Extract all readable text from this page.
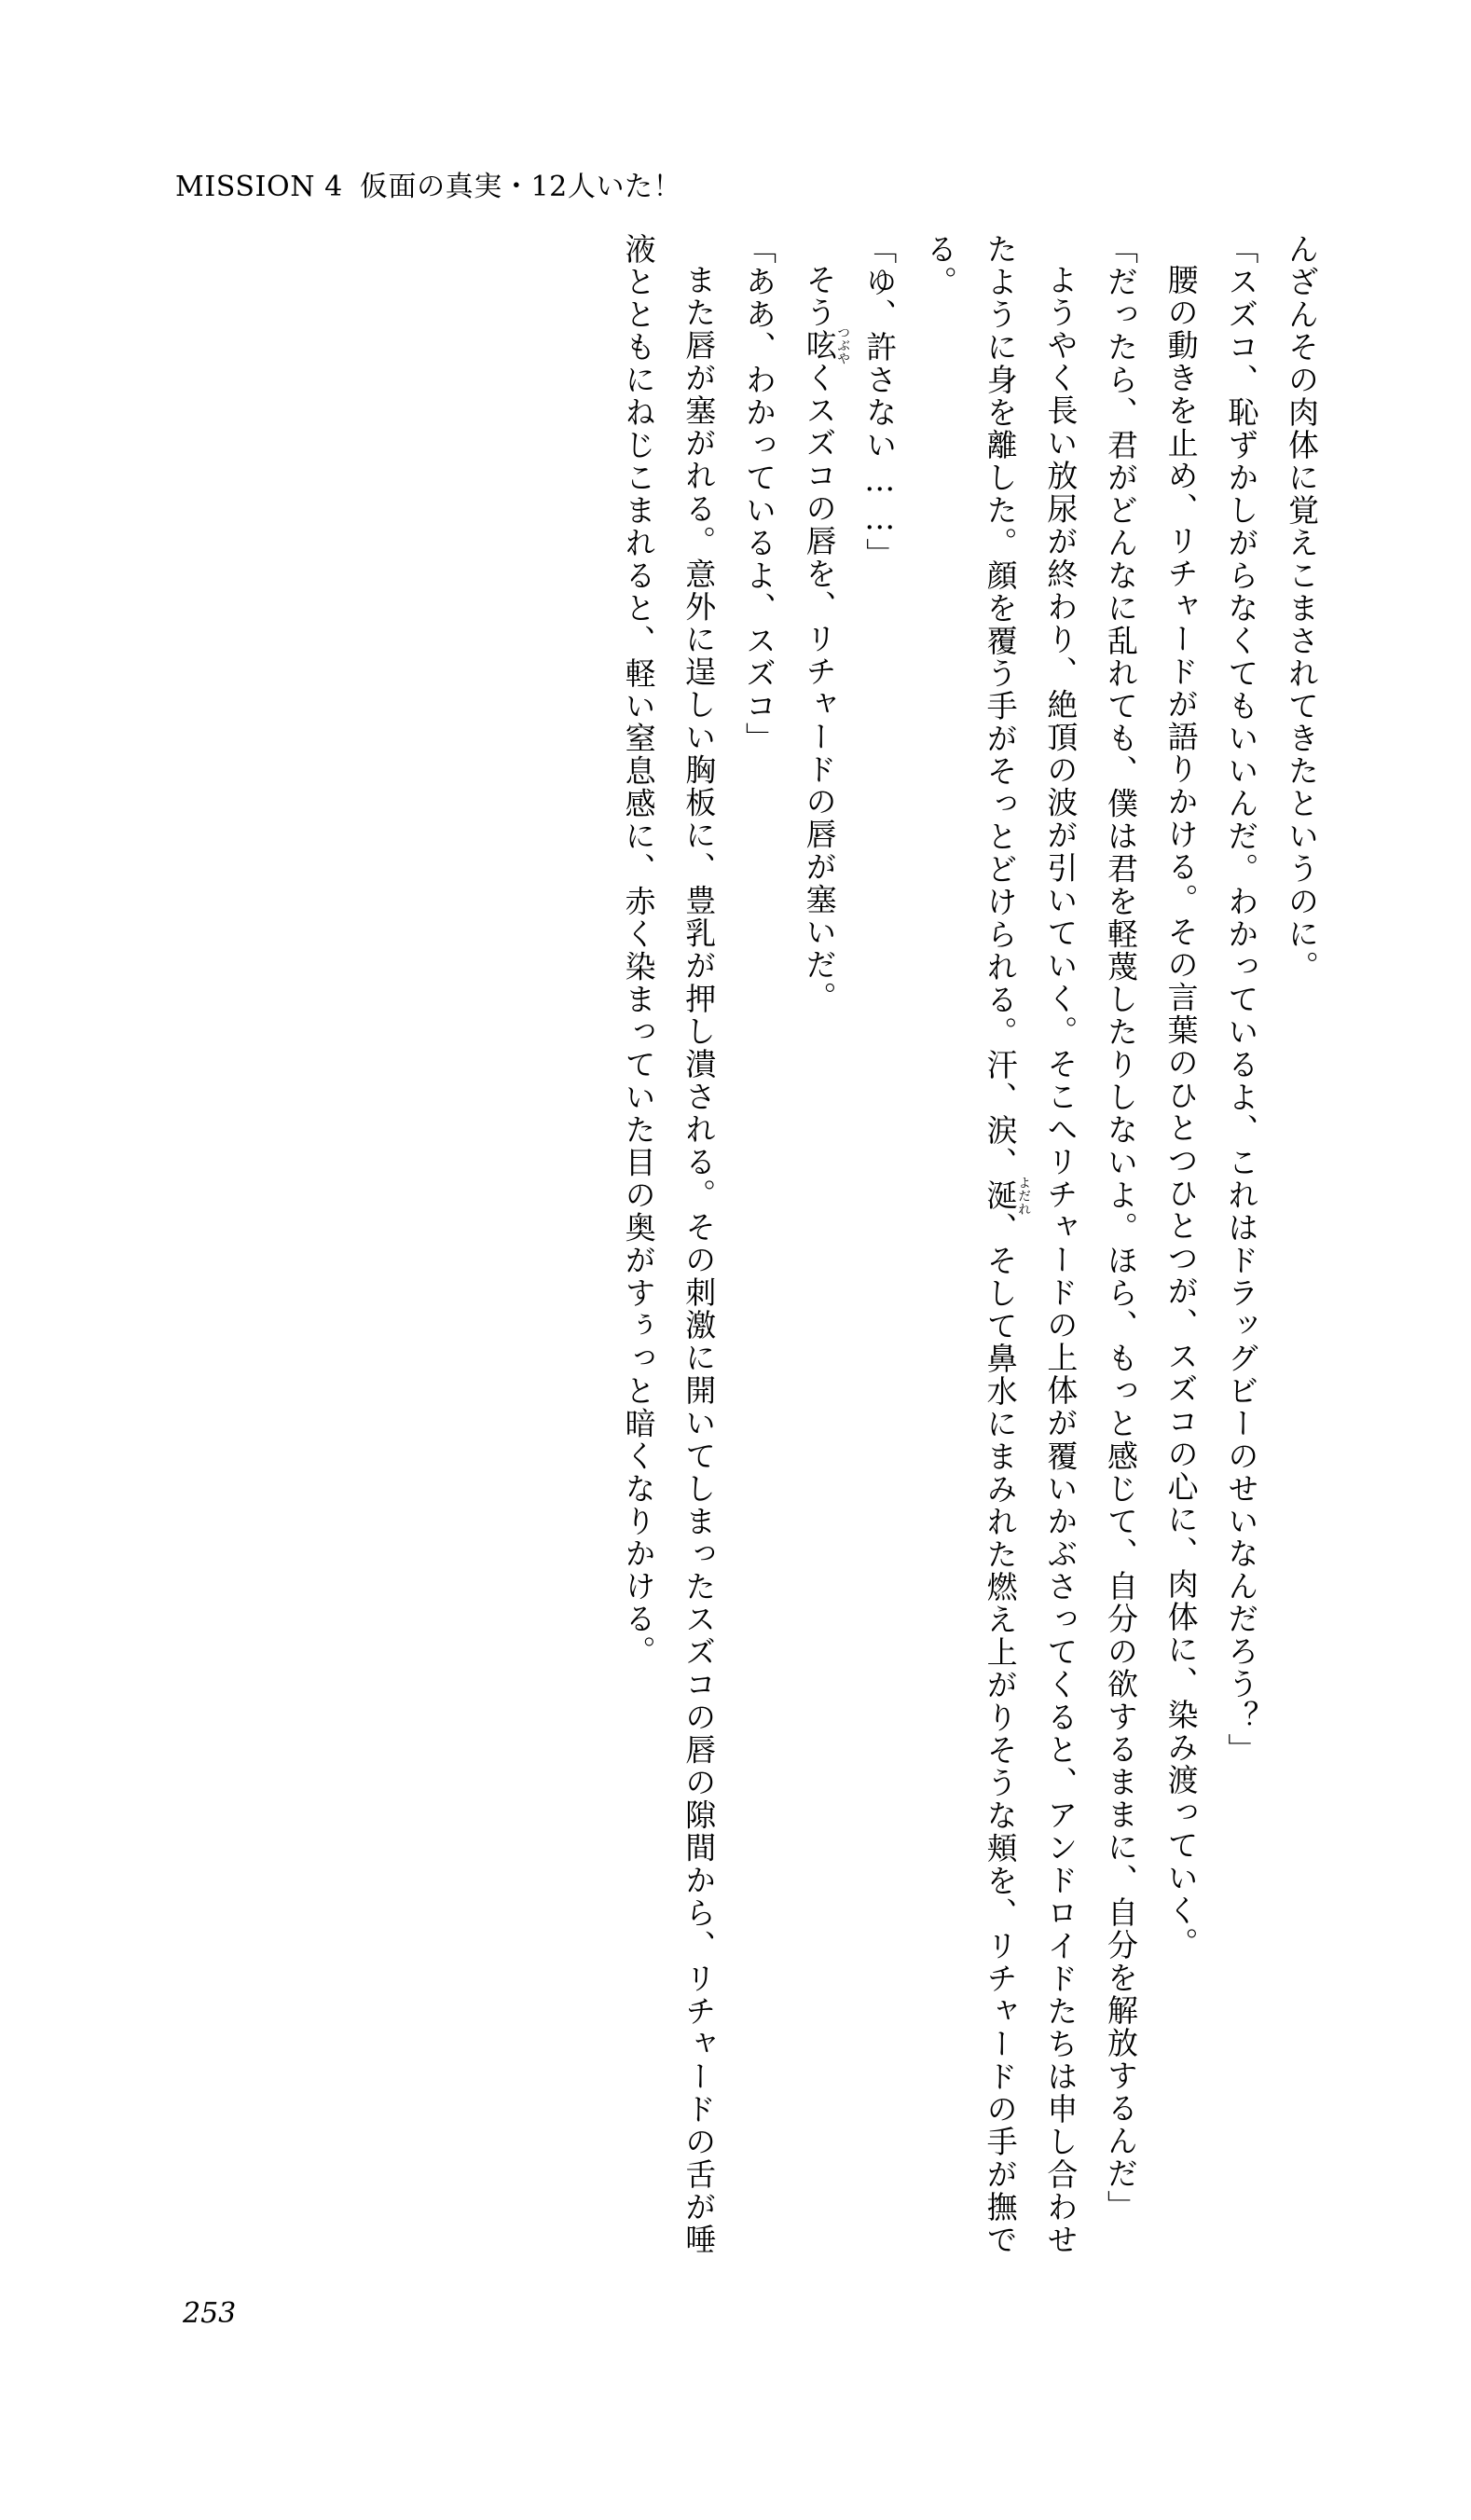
MISSION 4 仮面の真実・12人いた！

んざんその肉体に覚えこまされてきたというのに。

「スズコ、恥ずかしがらなくてもいいんだ。わかっているよ、これはドラッグビーのせいなんだろう？」

腰の動きを止め、リチャードが語りかける。その言葉のひとつひとつが、スズコの心に、肉体に、染み渡っていく。

「だったら、君がどんなに乱れても、僕は君を軽蔑したりしないよ。ほら、もっと感じて、自分の欲するままに、自分を解放するんだ」

ようやく長い放尿が終わり、絶頂の波が引いていく。そこへリチャードの上体が覆いかぶさってくると、アンドロイドたちは申し合わせたように身を離した。顔を覆う手がそっとどけられる。汗、涙、涎よだれ、そして鼻水にまみれた燃え上がりそうな頬を、リチャードの手が撫でる。

「ゆ、許さない……」

そう呟つぶやくスズコの唇を、リチャードの唇が塞いだ。

「ああ、わかっているよ、スズコ」

また唇が塞がれる。意外に逞しい胸板に、豊乳が押し潰される。その刺激に開いてしまったスズコの唇の隙間から、リチャードの舌が唾液とともにねじこまれると、軽い窒息感に、赤く染まっていた目の奥がすぅっと暗くなりかける。

253
